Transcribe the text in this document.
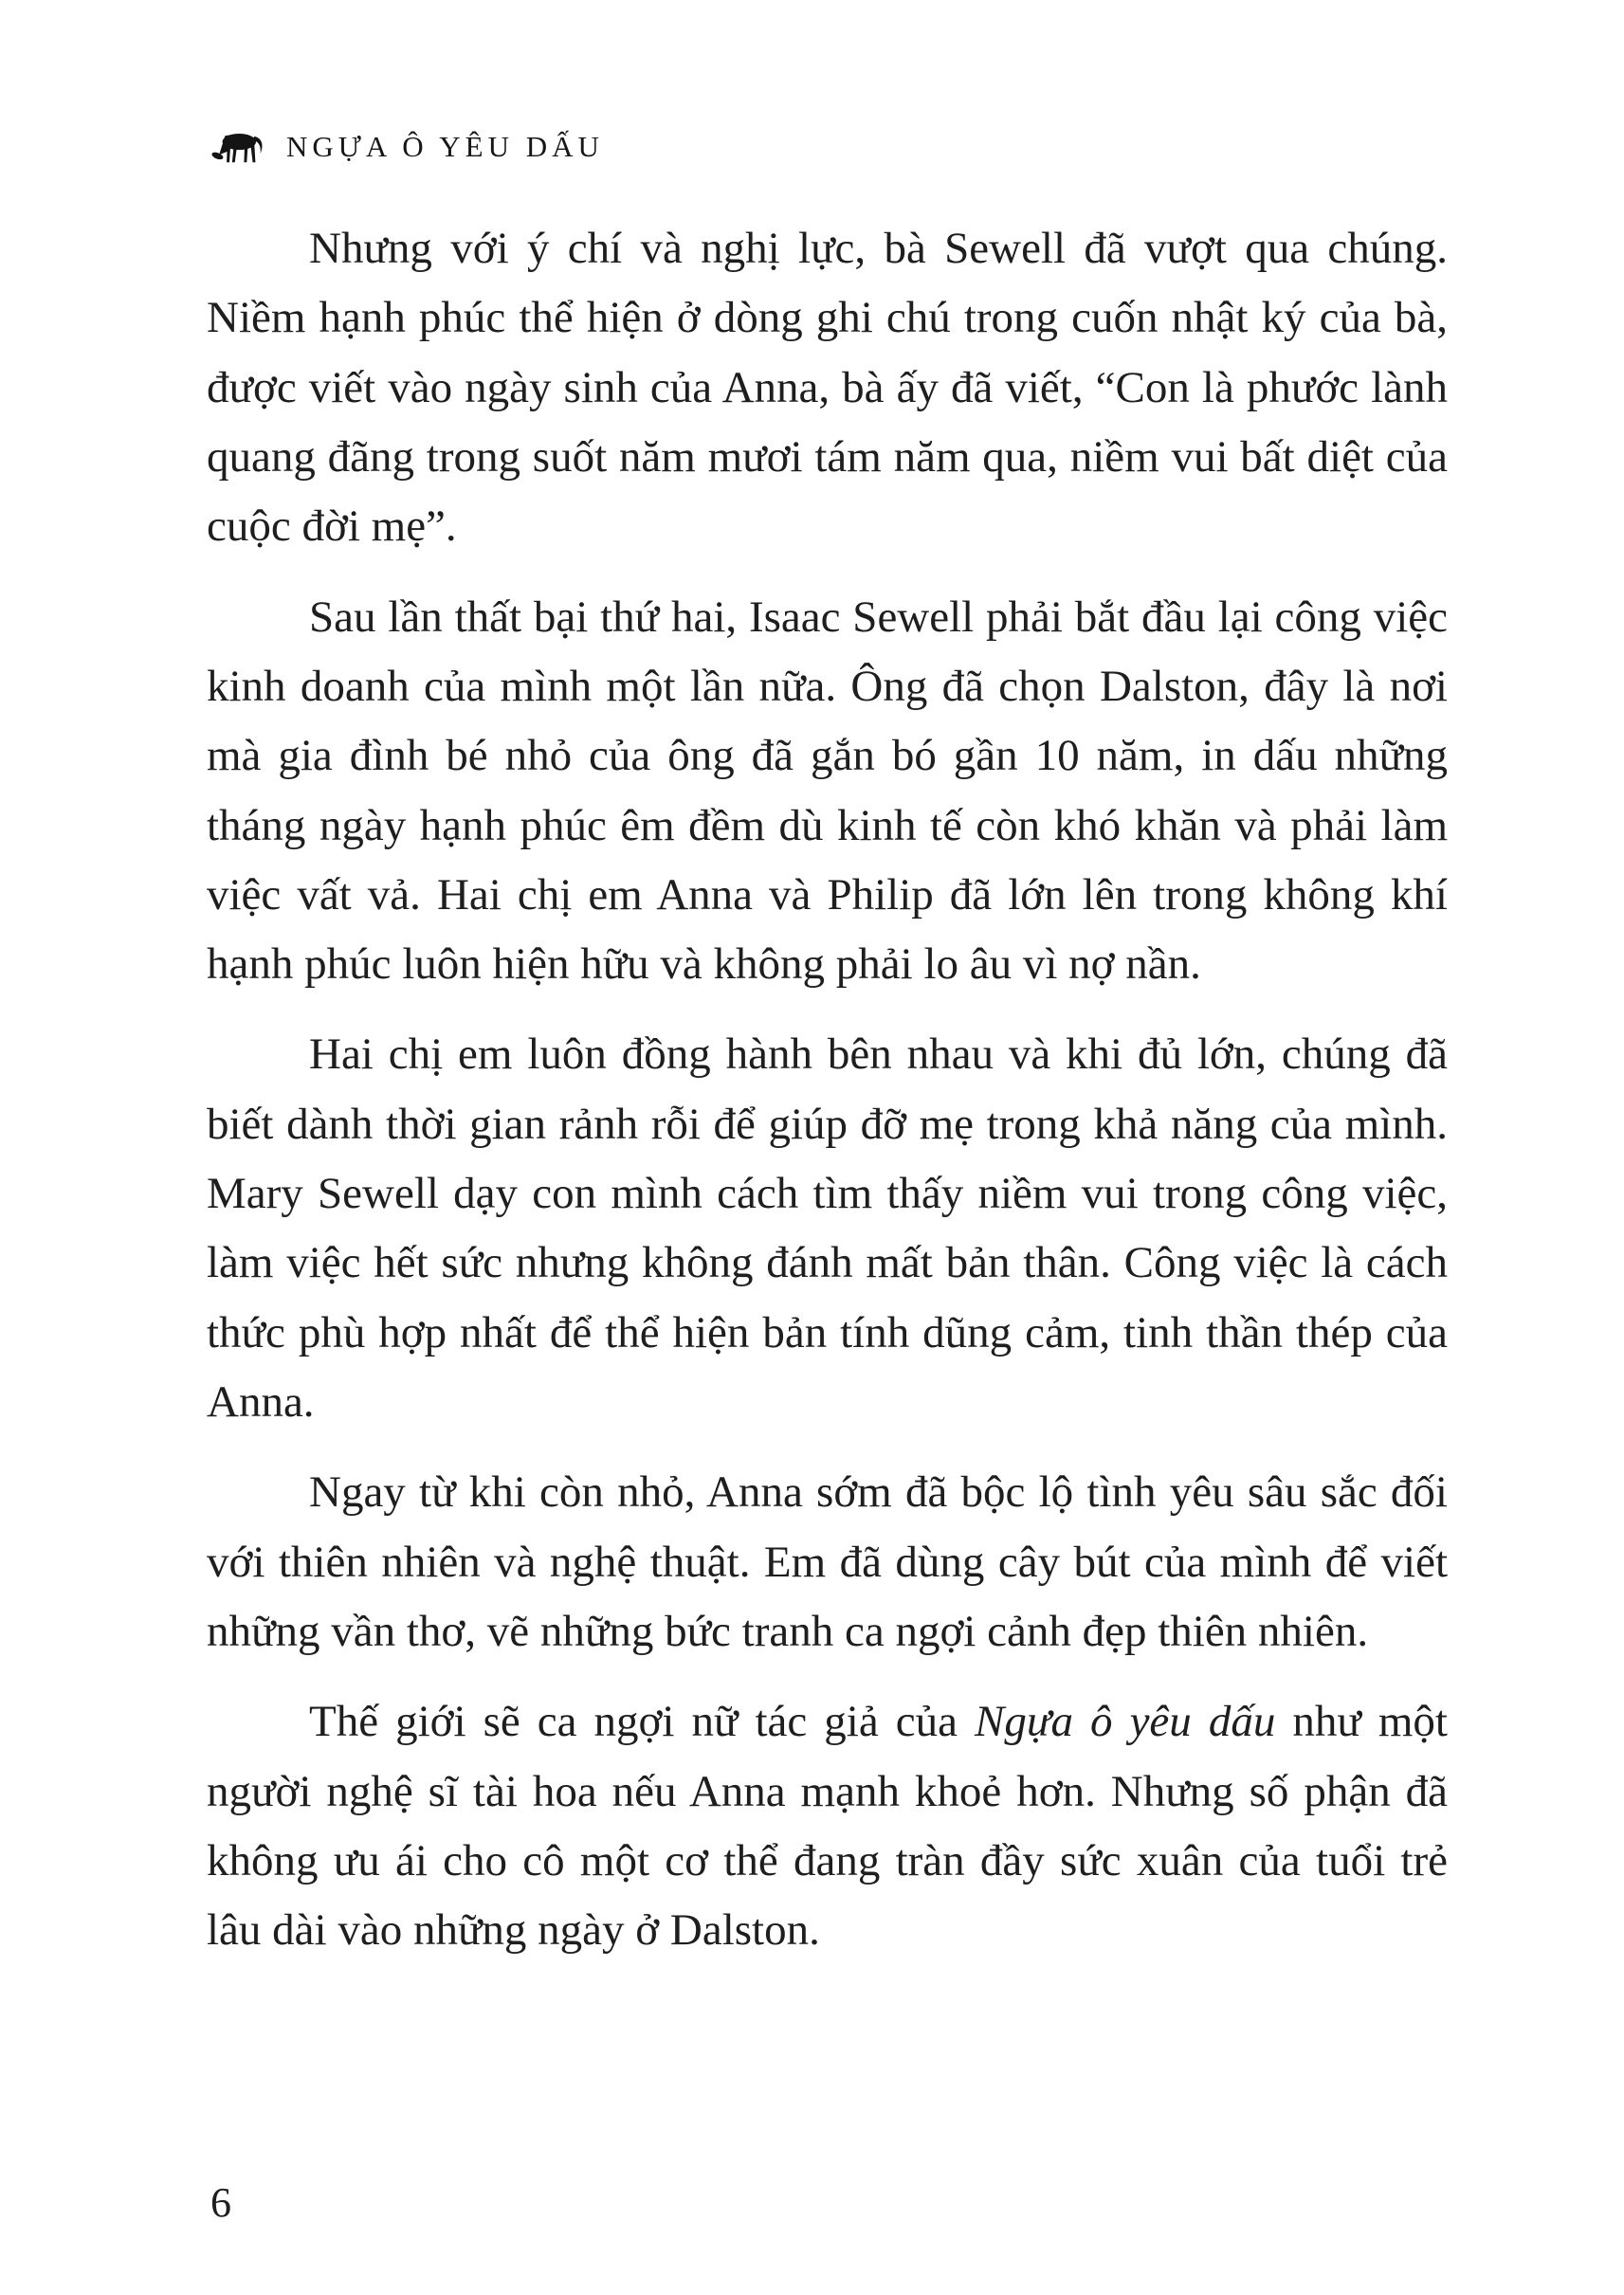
NGỰA Ô YÊU DẤU

Nhưng với ý chí và nghị lực, bà Sewell đã vượt qua chúng. Niềm hạnh phúc thể hiện ở dòng ghi chú trong cuốn nhật ký của bà, được viết vào ngày sinh của Anna, bà ấy đã viết, “Con là phước lành quang đãng trong suốt năm mươi tám năm qua, niềm vui bất diệt của cuộc đời mẹ”.

Sau lần thất bại thứ hai, Isaac Sewell phải bắt đầu lại công việc kinh doanh của mình một lần nữa. Ông đã chọn Dalston, đây là nơi mà gia đình bé nhỏ của ông đã gắn bó gần 10 năm, in dấu những tháng ngày hạnh phúc êm đềm dù kinh tế còn khó khăn và phải làm việc vất vả. Hai chị em Anna và Philip đã lớn lên trong không khí hạnh phúc luôn hiện hữu và không phải lo âu vì nợ nần.

Hai chị em luôn đồng hành bên nhau và khi đủ lớn, chúng đã biết dành thời gian rảnh rỗi để giúp đỡ mẹ trong khả năng của mình. Mary Sewell dạy con mình cách tìm thấy niềm vui trong công việc, làm việc hết sức nhưng không đánh mất bản thân. Công việc là cách thức phù hợp nhất để thể hiện bản tính dũng cảm, tinh thần thép của Anna.

Ngay từ khi còn nhỏ, Anna sớm đã bộc lộ tình yêu sâu sắc đối với thiên nhiên và nghệ thuật. Em đã dùng cây bút của mình để viết những vần thơ, vẽ những bức tranh ca ngợi cảnh đẹp thiên nhiên.

Thế giới sẽ ca ngợi nữ tác giả của Ngựa ô yêu dấu như một người nghệ sĩ tài hoa nếu Anna mạnh khoẻ hơn. Nhưng số phận đã không ưu ái cho cô một cơ thể đang tràn đầy sức xuân của tuổi trẻ lâu dài vào những ngày ở Dalston.

6
